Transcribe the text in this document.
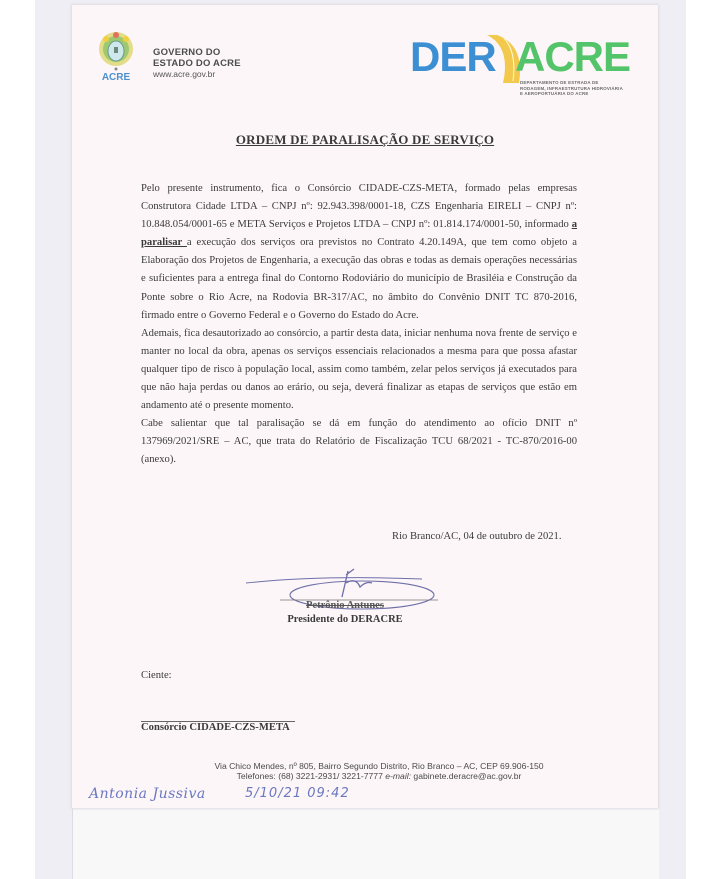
ACRE
GOVERNO DO
ESTADO DO ACRE
www.acre.gov.br	DER ACRE
DEPARTAMENTO DE ESTRADA DE
RODAGEM, INFRAESTRUTURA HIDROVIÁRIA
E AEROPORTUÁRIA DO ACRE
ORDEM DE PARALISAÇÃO DE SERVIÇO

Pelo presente instrumento, fica o Consórcio CIDADE-CZS-META, formado pelas empresas Construtora Cidade LTDA – CNPJ nº: 92.943.398/0001-18, CZS Engenharia EIRELI – CNPJ nº: 10.848.054/0001-65 e META Serviços e Projetos LTDA – CNPJ nº: 01.814.174/0001-50, informado a paralisar a execução dos serviços ora previstos no Contrato 4.20.149A, que tem como objeto a Elaboração dos Projetos de Engenharia, a execução das obras e todas as demais operações necessárias e suficientes para a entrega final do Contorno Rodoviário do município de Brasiléia e Construção da Ponte sobre o Rio Acre, na Rodovia BR-317/AC, no âmbito do Convênio DNIT TC 870-2016, firmado entre o Governo Federal e o Governo do Estado do Acre.

Ademais, fica desautorizado ao consórcio, a partir desta data, iniciar nenhuma nova frente de serviço e manter no local da obra, apenas os serviços essenciais relacionados a mesma para que possa afastar qualquer tipo de risco à população local, assim como também, zelar pelos serviços já executados para que não haja perdas ou danos ao erário, ou seja, deverá finalizar as etapas de serviços que estão em andamento até o presente momento.

Cabe salientar que tal paralisação se dá em função do atendimento ao ofício DNIT nº 137969/2021/SRE – AC, que trata do Relatório de Fiscalização TCU 68/2021 - TC-870/2016-00 (anexo).

Rio Branco/AC, 04 de outubro de 2021.
Petrônio Antunes
Presidente do DERACRE
Ciente:
Consórcio CIDADE-CZS-META
Via Chico Mendes, nº 805, Bairro Segundo Distrito, Rio Branco – AC, CEP 69.906-150
Telefones: (68) 3221-2931/ 3221-7777 e-mail: gabinete.deracre@ac.gov.br
Antonia Jussiva	5/10/21 09:42
